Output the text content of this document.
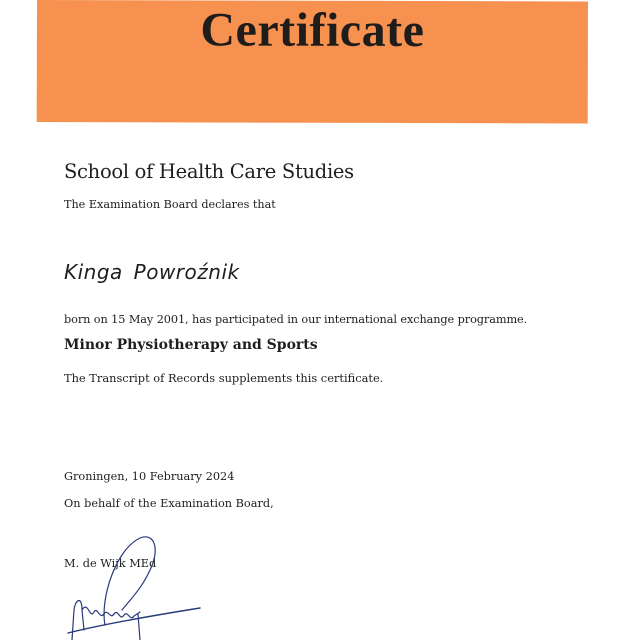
Certificate
School of Health Care Studies
The Examination Board declares that
Kinga Powroźnik
born on 15 May 2001, has participated in our international exchange programme.
Minor Physiotherapy and Sports
The Transcript of Records supplements this certificate.
Groningen, 10 February 2024
On behalf of the Examination Board,
M. de Wijk MEd
